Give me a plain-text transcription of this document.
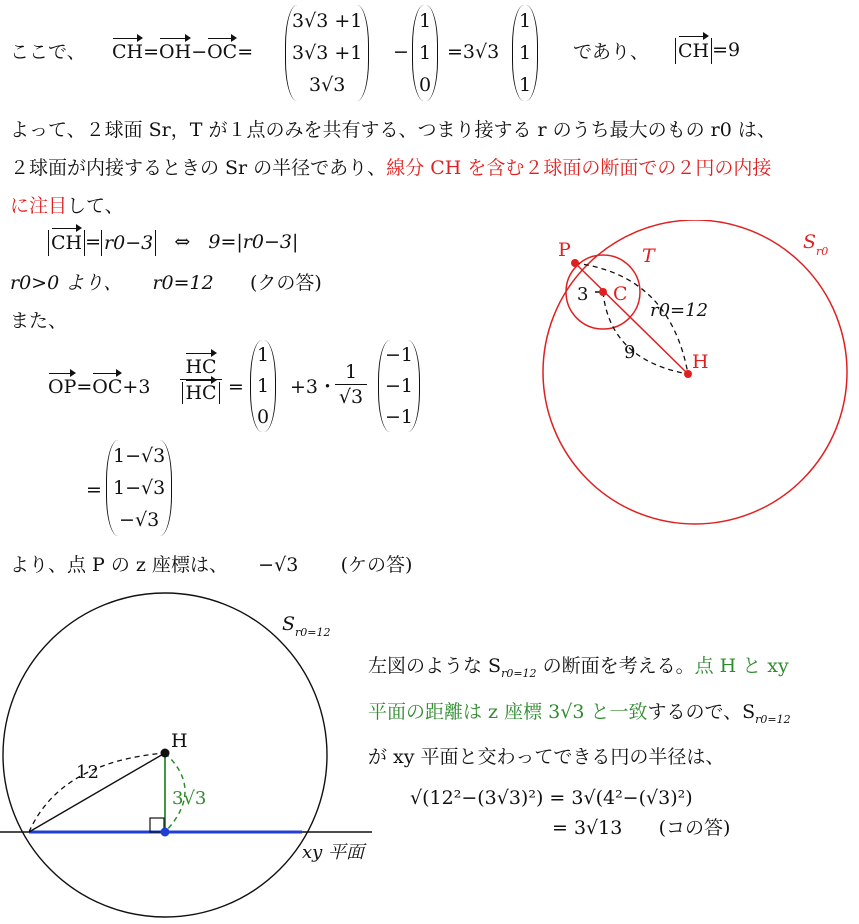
ここで、 CH=OH−OC=
3√3 +1
3√3 +1
3√3
−
1
1
0
=3√3
1
1
1
であり、 CH =9
よって、２球面 Sr，T が１点のみを共有する、つまり接する r のうち最大のもの r0 は、
２球面が内接するときの Sr の半径であり、線分 CH を含む２球面の断面での２円の内接
に注目して、
CH = r0−3 ⇔ 9=|r0−3|
r0>0 より、 r0=12 (クの答)
また、
OP=OC+3
HC
HC =
1
1
0
+3・
1
√3
−1
−1
−1
=
1−√3
1−√3
−√3
より、点 P の z 座標は、 −√3 (ケの答)
S r0
T
P
C
H
3
9
r0=12
S r0=12
H
12
3√3
xy 平面
左図のような $S_{r0=12}$ の断面を考える。点 H と xy
平面の距離は z 座標 3√3 と一致するので、$S_{r0=12}$
が xy 平面と交わってできる円の半径は、
√(12²−(3√3)²) = 3√(4²−(√3)²)
= 3√13 (コの答)
